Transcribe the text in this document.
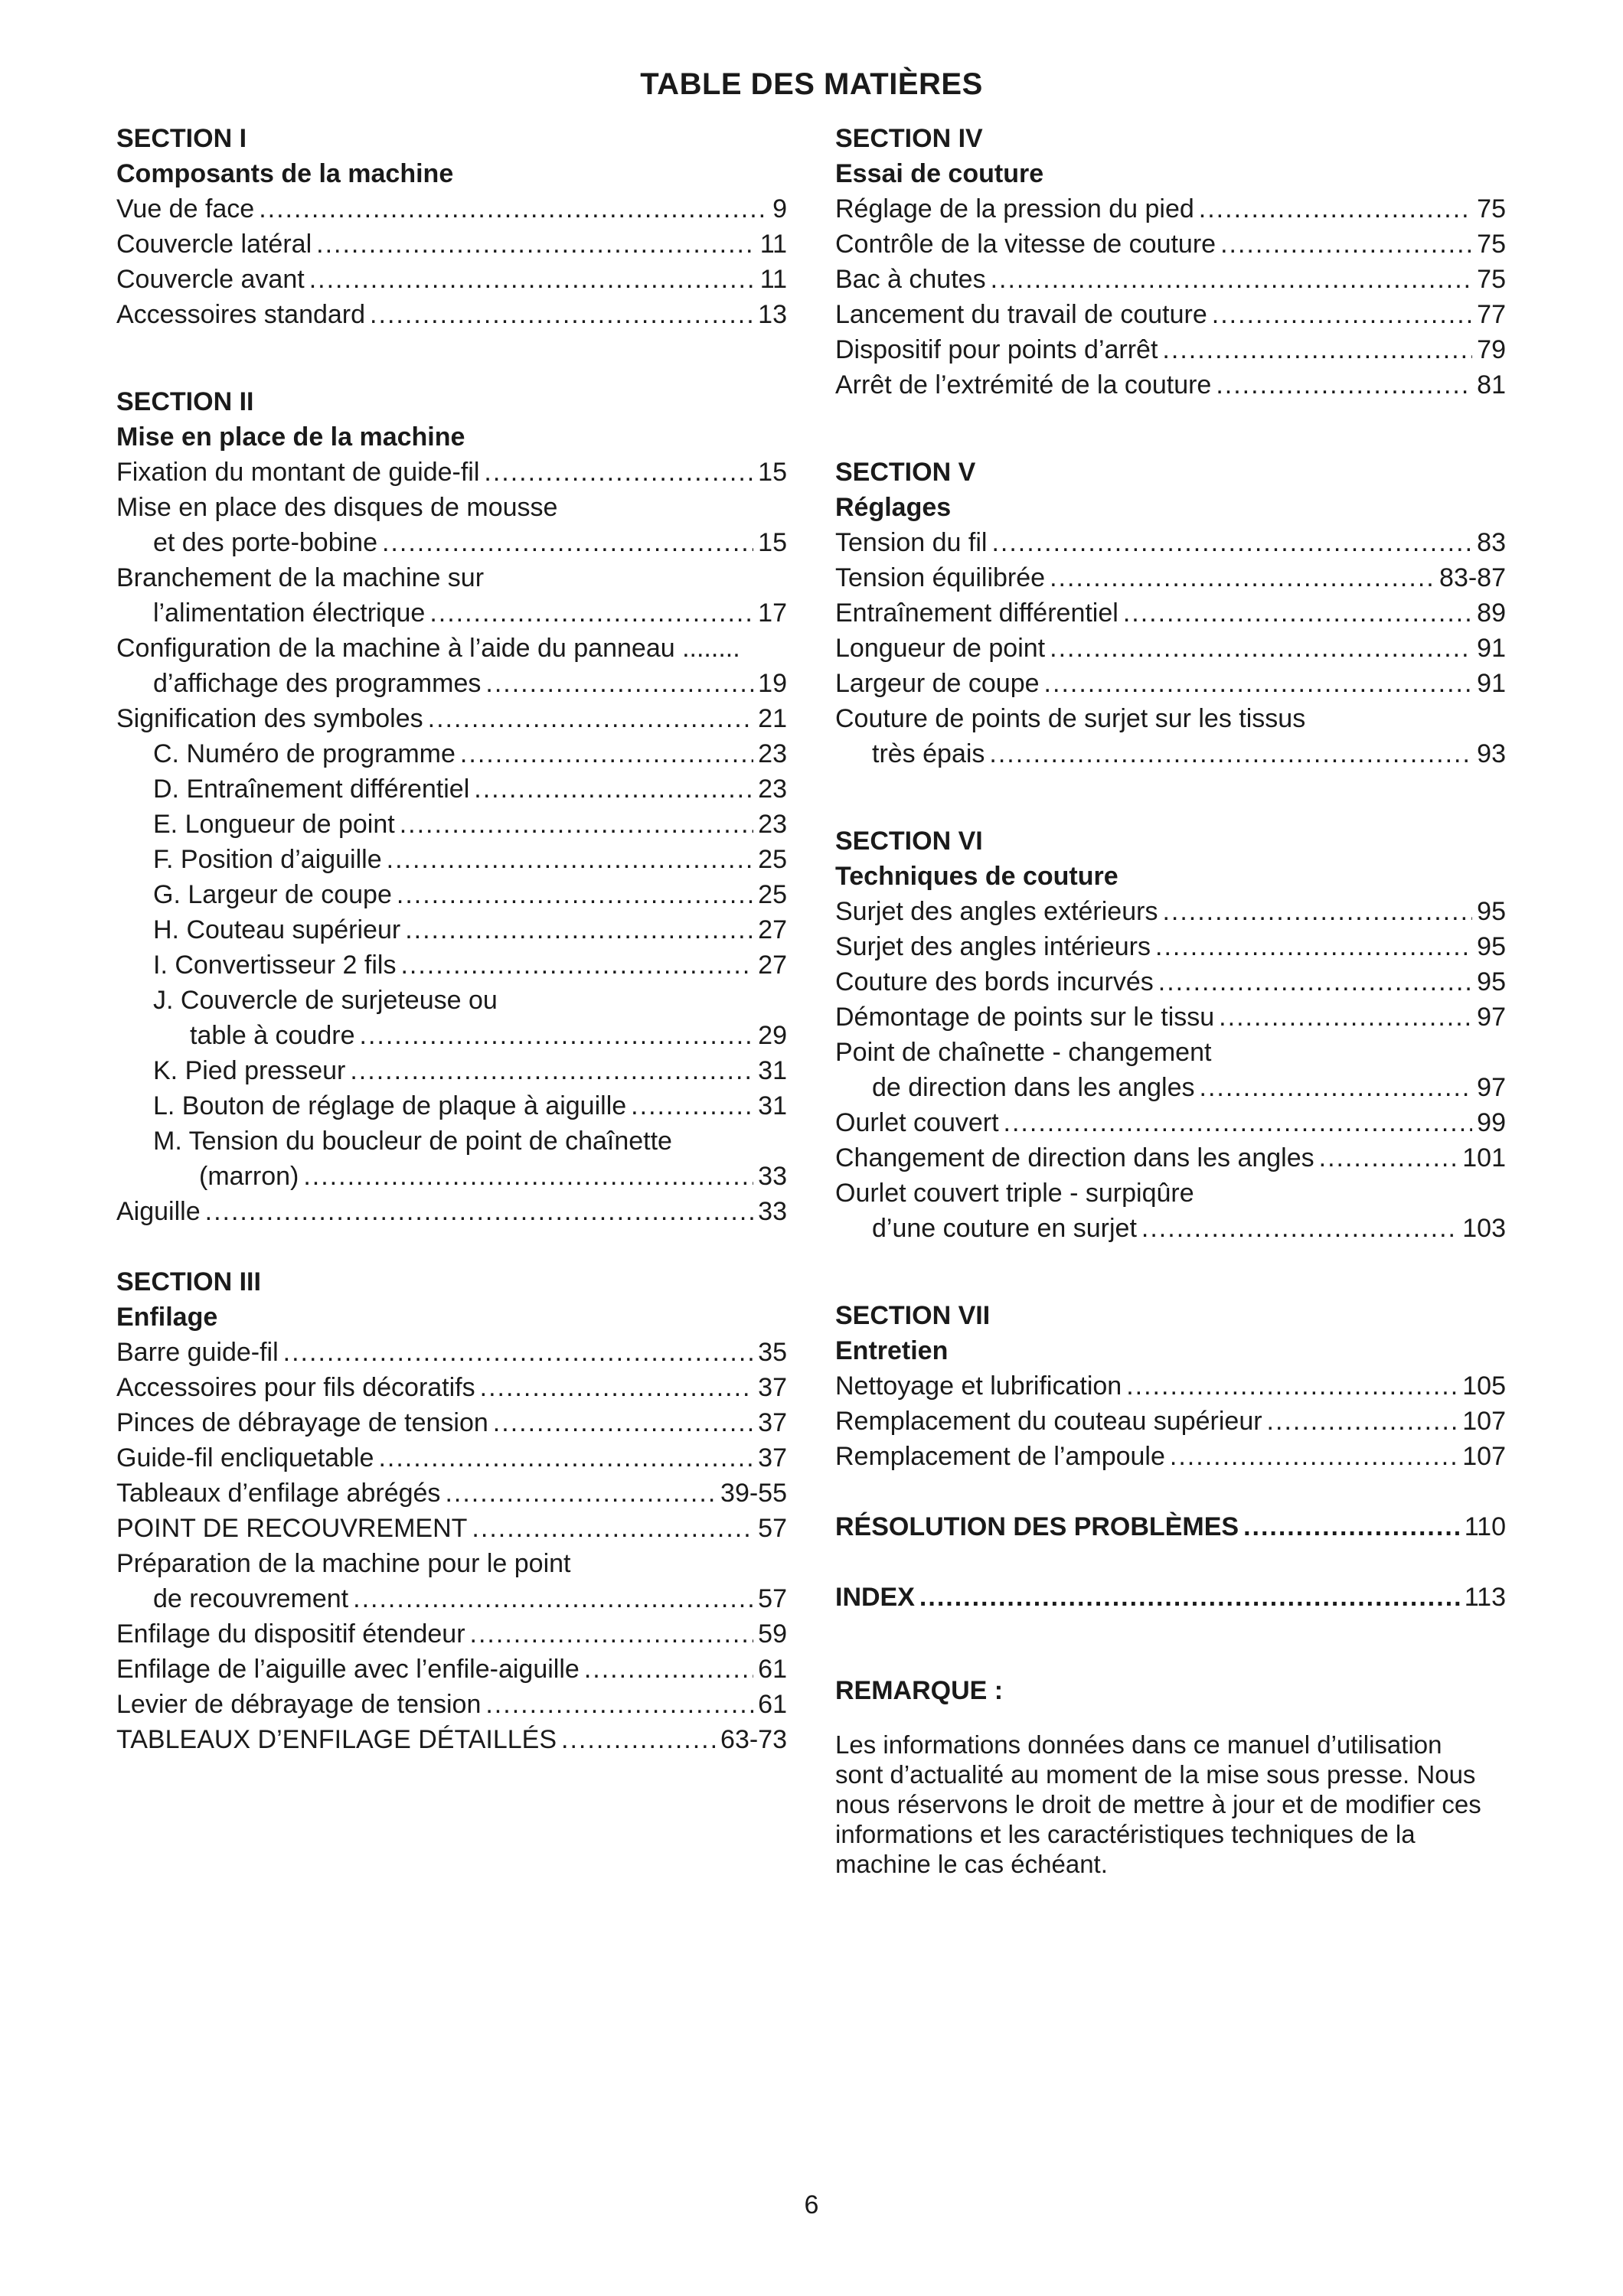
TABLE DES MATIÈRES
SECTION I
Composants de la machine
Vue de face .....	9
Couvercle latéral .....	11
Couvercle avant .....	11
Accessoires standard .....	13
SECTION II
Mise en place de la machine
Fixation du montant de guide-fil .....	15
Mise en place des disques de mousse
et des porte-bobine .....	15
Branchement de la machine sur
l’alimentation électrique .....	17
Configuration de la machine à l’aide du panneau ........
d’affichage des programmes .....	19
Signification des symboles .....	21
C. Numéro de programme .....	23
D. Entraînement différentiel .....	23
E. Longueur de point .....	23
F. Position d’aiguille .....	25
G. Largeur de coupe .....	25
H. Couteau supérieur .....	27
I. Convertisseur 2 fils .....	27
J. Couvercle de surjeteuse ou
table à coudre .....	29
K. Pied presseur .....	31
L. Bouton de réglage de plaque à aiguille .....	31
M. Tension du boucleur de point de chaînette
(marron) .....	33
Aiguille .....	33
SECTION III
Enfilage
Barre guide-fil .....	35
Accessoires pour fils décoratifs .....	37
Pinces de débrayage de tension .....	37
Guide-fil encliquetable .....	37
Tableaux d’enfilage abrégés .....	39-55
POINT DE RECOUVREMENT .....	57
Préparation de la machine pour le point
de recouvrement .....	57
Enfilage du dispositif étendeur .....	59
Enfilage de l’aiguille avec l’enfile-aiguille .....	61
Levier de débrayage de tension .....	61
TABLEAUX D’ENFILAGE DÉTAILLÉS .....	63-73
SECTION IV
Essai de couture
Réglage de la pression du pied .....	75
Contrôle de la vitesse de couture .....	75
Bac à chutes .....	75
Lancement du travail de couture .....	77
Dispositif pour points d’arrêt .....	79
Arrêt de l’extrémité de la couture .....	81
SECTION V
Réglages
Tension du fil .....	83
Tension équilibrée .....	83-87
Entraînement différentiel .....	89
Longueur de point .....	91
Largeur de coupe .....	91
Couture de points de surjet sur les tissus
très épais .....	93
SECTION VI
Techniques de couture
Surjet des angles extérieurs .....	95
Surjet des angles intérieurs .....	95
Couture des bords incurvés .....	95
Démontage de points sur le tissu .....	97
Point de chaînette - changement
de direction dans les angles .....	97
Ourlet couvert .....	99
Changement de direction dans les angles .....	101
Ourlet couvert triple - surpiqûre
d’une couture en surjet .....	103
SECTION VII
Entretien
Nettoyage et lubrification .....	105
Remplacement du couteau supérieur .....	107
Remplacement de l’ampoule .....	107
RÉSOLUTION DES PROBLÈMES .....	110
INDEX .....	113
REMARQUE :
Les informations données dans ce manuel d’utilisation sont d’actualité au moment de la mise sous presse. Nous nous réservons le droit de mettre à jour et de modifier ces informations et les caractéristiques techniques de la machine le cas échéant.
6
